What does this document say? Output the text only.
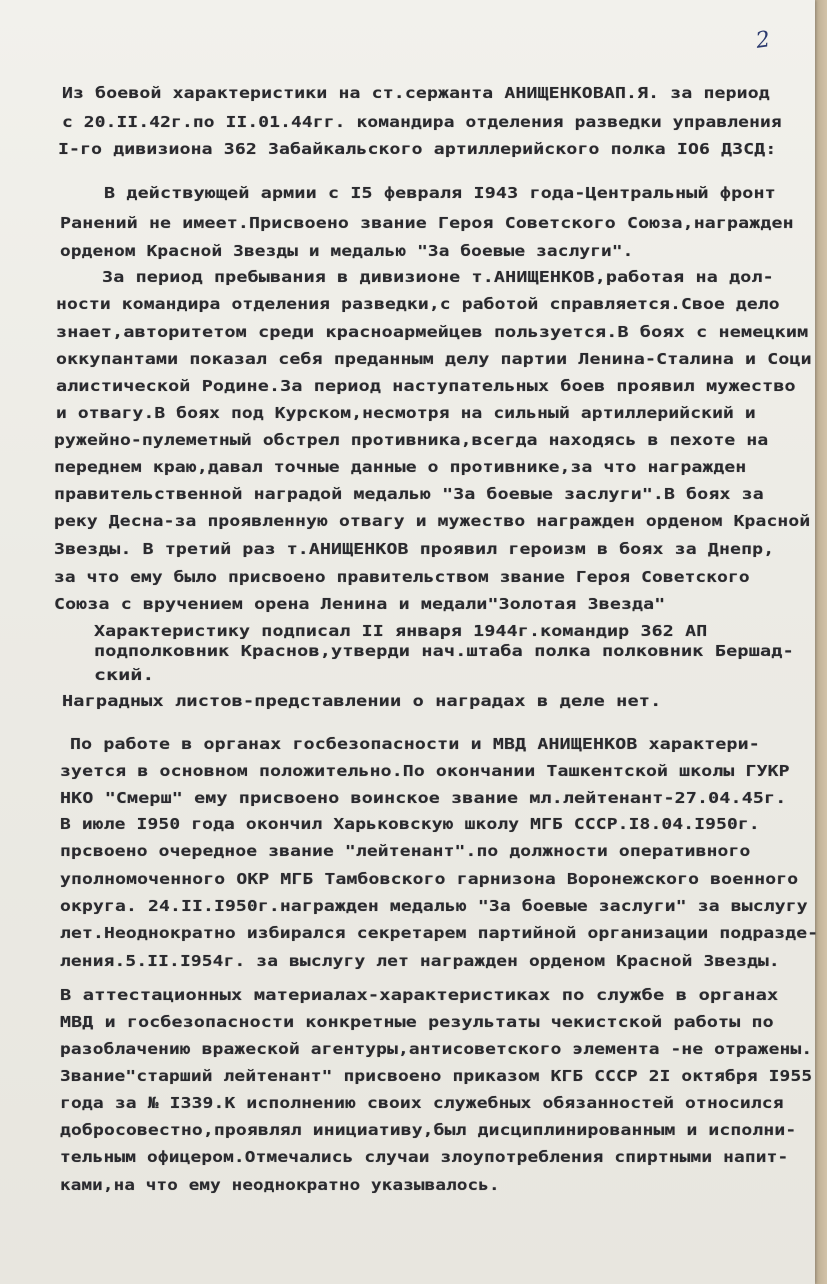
2
Из боевой характеристики на ст.сержанта АНИЩЕНКОВАП.Я. за период
с 20.II.42г.по II.01.44гг. командира отделения разведки управления
I-го дивизиона 362 Забайкальского артиллерийского полка IO6 ДЗСД:
В действующей армии с I5 февраля I943 года-Центральный фронт
Ранений не имеет.Присвоено звание Героя Советского Союза,награжден
орденом Красной Звезды и медалью "За боевые заслуги".
За период пребывания в дивизионе т.АНИЩЕНКОВ,работая на дол-
ности командира отделения разведки,с работой справляется.Свое дело
знает,авторитетом среди красноармейцев пользуется.В боях с немецким
оккупантами показал себя преданным делу партии Ленина-Сталина и Соци
алистической Родине.За период наступательных боев проявил мужество
и отвагу.В боях под Курском,несмотря на сильный артиллерийский и
ружейно-пулеметный обстрел противника,всегда находясь в пехоте на
переднем краю,давал точные данные о противнике,за что награжден
правительственной наградой медалью "За боевые заслуги".В боях за
реку Десна-за проявленную отвагу и мужество награжден орденом Красной
Звезды. В третий раз т.АНИЩЕНКОВ проявил героизм в боях за Днепр,
за что ему было присвоено правительством звание Героя Советского
Союза с вручением орена Ленина и медали"Золотая Звезда"
Характеристику подписал II января 1944г.командир 362 АП
подполковник Краснов,утверди нач.штаба полка полковник Бершад-
ский.
Наградных листов-представлении о наградах в деле нет.
По работе в органах госбезопасности и МВД АНИЩЕНКОВ характери-
зуется в основном положительно.По окончании Ташкентской школы ГУКР
НКО "Смерш" ему присвоено воинское звание мл.лейтенант-27.04.45г.
В июле I950 года окончил Харьковскую школу МГБ СССР.I8.04.I950г.
прсвоено очередное звание "лейтенант".по должности оперативного
уполномоченного ОКР МГБ Тамбовского гарнизона Воронежского военного
округа. 24.II.I950г.награжден медалью "За боевые заслуги" за выслугу
лет.Неоднократно избирался секретарем партийной организации подразде-
ления.5.II.I954г. за выслугу лет награжден орденом Красной Звезды.
В аттестационных материалах-характеристиках по службе в органах
МВД и госбезопасности конкретные результаты чекистской работы по
разоблачению вражеской агентуры,антисоветского элемента -не отражены.
Звание"старший лейтенант" присвоено приказом КГБ СССР 2I октября I955
года за № I339.К исполнению своих служебных обязанностей относился
добросовестно,проявлял инициативу,был дисциплинированным и исполни-
тельным офицером.Отмечались случаи злоупотребления спиртными напит-
ками,на что ему неоднократно указывалось.
